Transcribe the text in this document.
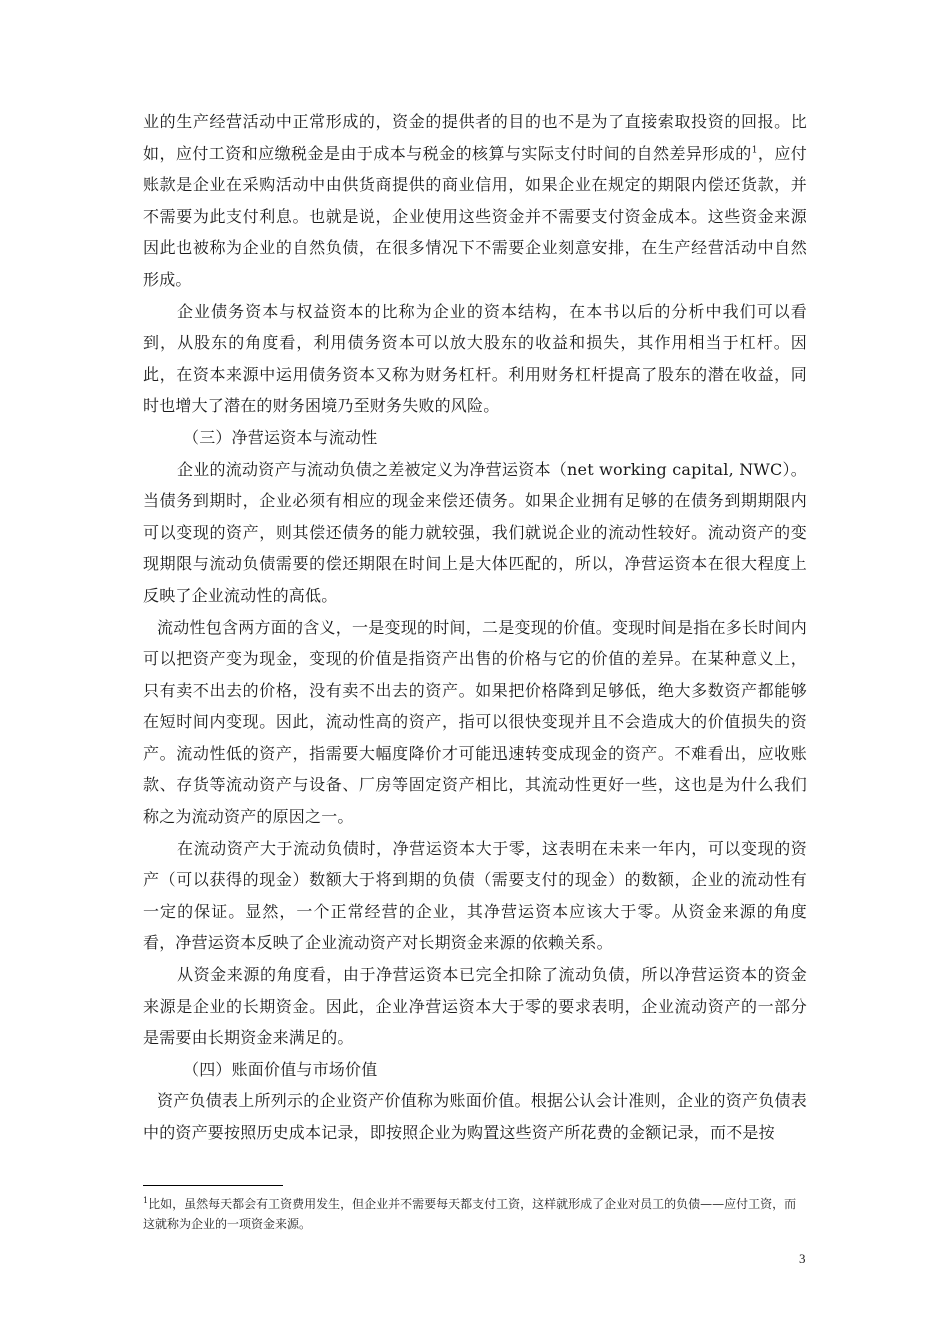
业的生产经营活动中正常形成的，资金的提供者的目的也不是为了直接索取投资的回报。比如，应付工资和应缴税金是由于成本与税金的核算与实际支付时间的自然差异形成的$^1$，应付账款是企业在采购活动中由供货商提供的商业信用，如果企业在规定的期限内偿还货款，并不需要为此支付利息。也就是说，企业使用这些资金并不需要支付资金成本。这些资金来源因此也被称为企业的自然负债，在很多情况下不需要企业刻意安排，在生产经营活动中自然形成。

企业债务资本与权益资本的比称为企业的资本结构，在本书以后的分析中我们可以看到，从股东的角度看，利用债务资本可以放大股东的收益和损失，其作用相当于杠杆。因此，在资本来源中运用债务资本又称为财务杠杆。利用财务杠杆提高了股东的潜在收益，同时也增大了潜在的财务困境乃至财务失败的风险。

（三）净营运资本与流动性

企业的流动资产与流动负债之差被定义为净营运资本（net working capital, NWC）。当债务到期时，企业必须有相应的现金来偿还债务。如果企业拥有足够的在债务到期期限内可以变现的资产，则其偿还债务的能力就较强，我们就说企业的流动性较好。流动资产的变现期限与流动负债需要的偿还期限在时间上是大体匹配的，所以，净营运资本在很大程度上反映了企业流动性的高低。

流动性包含两方面的含义，一是变现的时间，二是变现的价值。变现时间是指在多长时间内可以把资产变为现金，变现的价值是指资产出售的价格与它的价值的差异。在某种意义上，只有卖不出去的价格，没有卖不出去的资产。如果把价格降到足够低，绝大多数资产都能够在短时间内变现。因此，流动性高的资产，指可以很快变现并且不会造成大的价值损失的资产。流动性低的资产，指需要大幅度降价才可能迅速转变成现金的资产。不难看出，应收账款、存货等流动资产与设备、厂房等固定资产相比，其流动性更好一些，这也是为什么我们称之为流动资产的原因之一。

在流动资产大于流动负债时，净营运资本大于零，这表明在未来一年内，可以变现的资产（可以获得的现金）数额大于将到期的负债（需要支付的现金）的数额，企业的流动性有一定的保证。显然，一个正常经营的企业，其净营运资本应该大于零。从资金来源的角度看，净营运资本反映了企业流动资产对长期资金来源的依赖关系。

从资金来源的角度看，由于净营运资本已完全扣除了流动负债，所以净营运资本的资金来源是企业的长期资金。因此，企业净营运资本大于零的要求表明，企业流动资产的一部分是需要由长期资金来满足的。

（四）账面价值与市场价值

资产负债表上所列示的企业资产价值称为账面价值。根据公认会计准则，企业的资产负债表中的资产要按照历史成本记录，即按照企业为购置这些资产所花费的金额记录，而不是按

$^1$比如，虽然每天都会有工资费用发生，但企业并不需要每天都支付工资，这样就形成了企业对员工的负债——应付工资，而这就称为企业的一项资金来源。
3
